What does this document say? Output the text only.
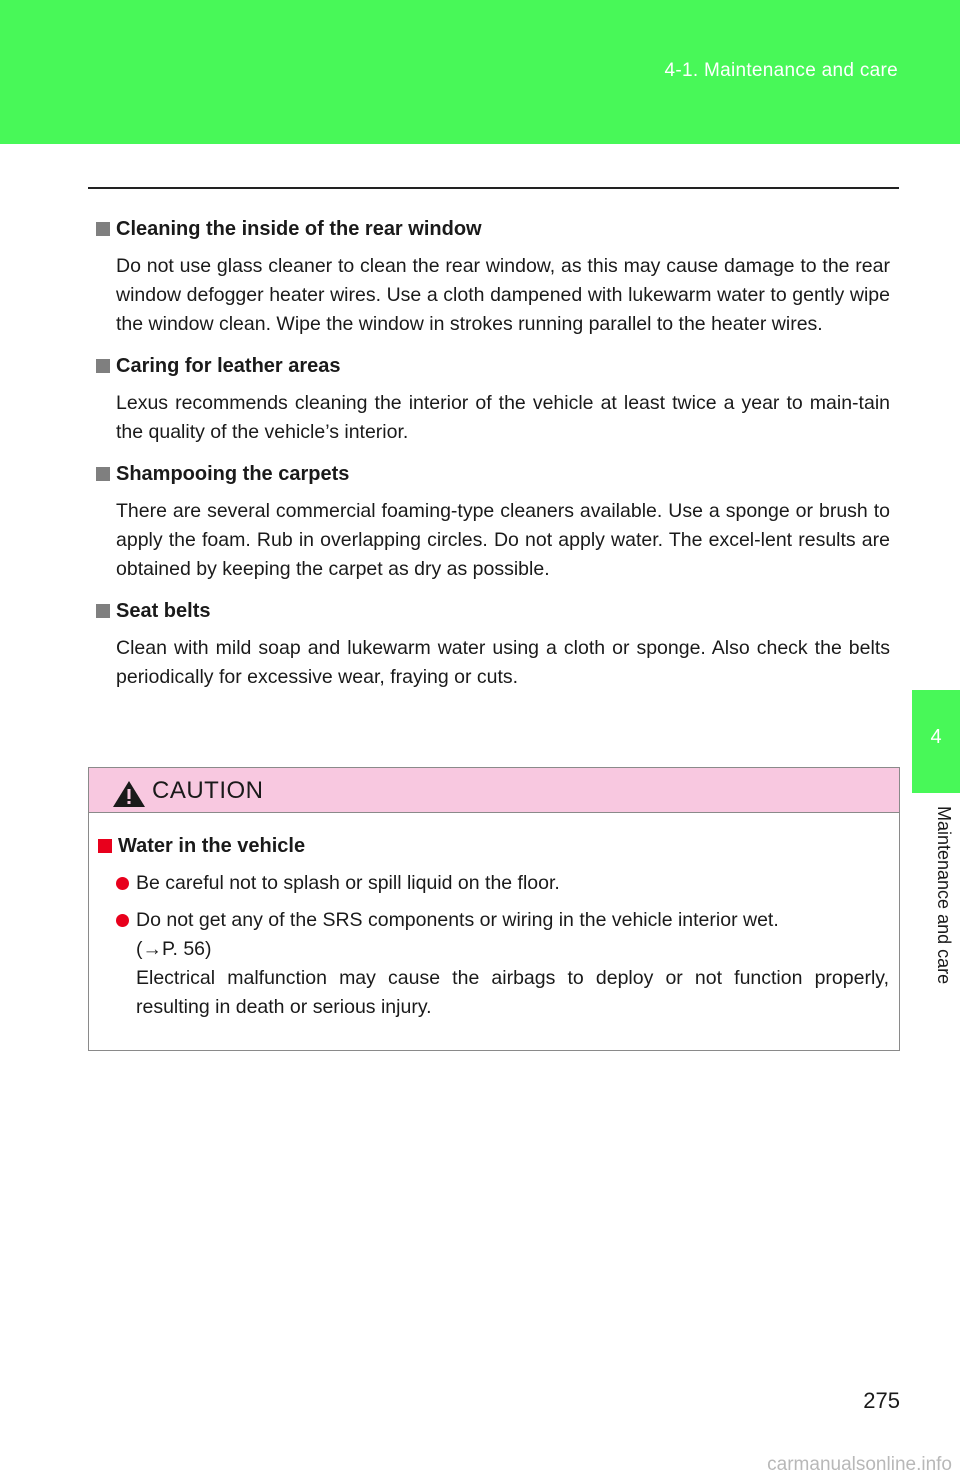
4-1. Maintenance and care
4
Maintenance and care
Cleaning the inside of the rear window
Do not use glass cleaner to clean the rear window, as this may cause damage to the rear window defogger heater wires. Use a cloth dampened with lukewarm water to gently wipe the window clean. Wipe the window in strokes running parallel to the heater wires.
Caring for leather areas
Lexus recommends cleaning the interior of the vehicle at least twice a year to main-tain the quality of the vehicle’s interior.
Shampooing the carpets
There are several commercial foaming-type cleaners available. Use a sponge or brush to apply the foam. Rub in overlapping circles. Do not apply water. The excel-lent results are obtained by keeping the carpet as dry as possible.
Seat belts
Clean with mild soap and lukewarm water using a cloth or sponge. Also check the belts periodically for excessive wear, fraying or cuts.
CAUTION
Water in the vehicle
Be careful not to splash or spill liquid on the floor.
Do not get any of the SRS components or wiring in the vehicle interior wet.
(→P. 56)
Electrical malfunction may cause the airbags to deploy or not function properly, resulting in death or serious injury.
275
carmanualsonline.info
